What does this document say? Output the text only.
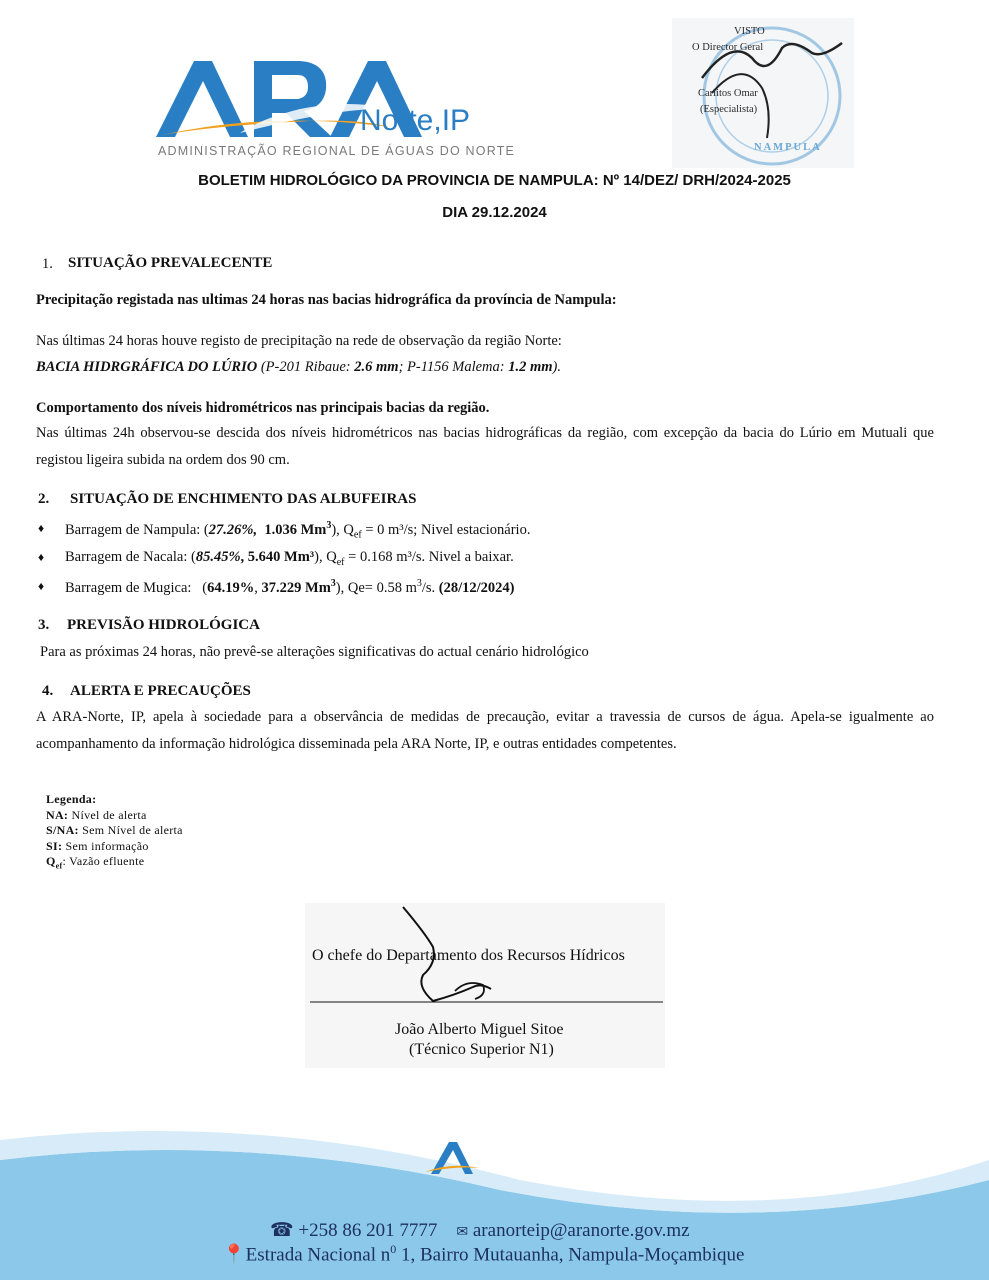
Norte,IP
ADMINISTRAÇÃO REGIONAL DE ÁGUAS DO NORTE
VISTO
O Director Geral
Carlitos Omar
(Especialista)
NAMPULA
BOLETIM HIDROLÓGICO DA PROVINCIA DE NAMPULA: Nº 14/DEZ/ DRH/2024-2025
DIA 29.12.2024
1. SITUAÇÃO PREVALECENTE
Precipitação registada nas ultimas 24 horas nas bacias hidrográfica da província de Nampula:
Nas últimas 24 horas houve registo de precipitação na rede de observação da região Norte:
BACIA HIDRGRÁFICA DO LÚRIO (P-201 Ribaue: 2.6 mm; P-1156 Malema: 1.2 mm).
Comportamento dos níveis hidrométricos nas principais bacias da região.
Nas últimas 24h observou-se descida dos níveis hidrométricos nas bacias hidrográficas da região, com excepção da bacia do Lúrio em Mutuali que registou ligeira subida na ordem dos 90 cm.
2. SITUAÇÃO DE ENCHIMENTO DAS ALBUFEIRAS
♦ Barragem de Nampula: (27.26%, 1.036 Mm$^3$), $Q_{ef} = 0$ m³/s; Nivel estacionário.
♦ Barragem de Nacala: (85.45%, 5.640 Mm³), $Q_{ef} = 0.168$ m³/s. Nivel a baixar.
♦ Barragem de Mugica:   (64.19%, 37.229 Mm$^3$), Qe= 0.58 $m^3/s$. (28/12/2024)
3. PREVISÃO HIDROLÓGICA
Para as próximas 24 horas, não prevê-se alterações significativas do actual cenário hidrológico
4. ALERTA E PRECAUÇÕES
A ARA-Norte, IP, apela à sociedade para a observância de medidas de precaução, evitar a travessia de cursos de água. Apela-se igualmente ao acompanhamento da informação hidrológica disseminada pela ARA Norte, IP, e outras entidades competentes.
Legenda:
NA: Nível de alerta
S/NA: Sem Nível de alerta
SI: Sem informação
$Q_{ef}$: Vazão efluente
O chefe do Departamento dos Recursos Hídricos
João Alberto Miguel Sitoe
(Técnico Superior N1)
☎ +258 86 201 7777 ✉ aranorteip@aranorte.gov.mz
📍Estrada Nacional $n^0$ 1, Bairro Mutauanha, Nampula-Moçambique
